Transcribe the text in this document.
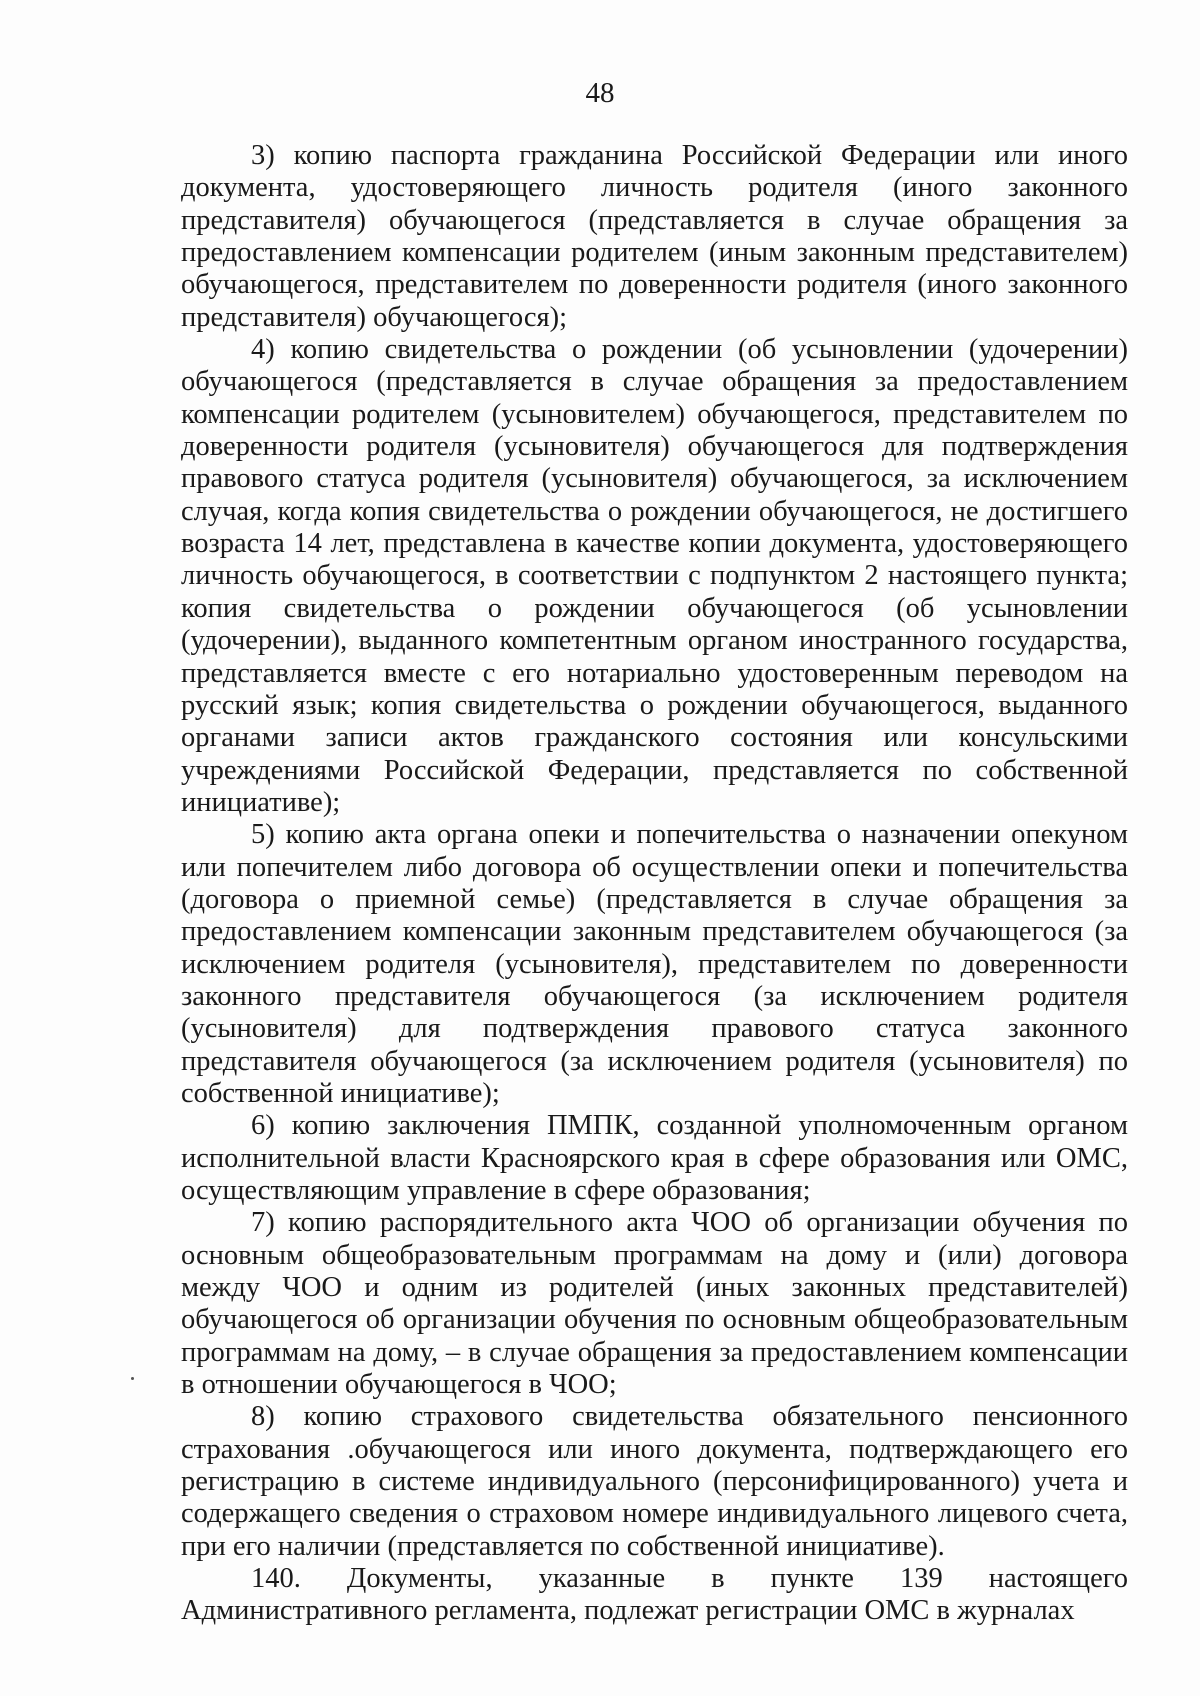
48

3) копию паспорта гражданина Российской Федерации или иного документа, удостоверяющего личность родителя (иного законного представителя) обучающегося (представляется в случае обращения за предоставлением компенсации родителем (иным законным представителем) обучающегося, представителем по доверенности родителя (иного законного представителя) обучающегося);

4) копию свидетельства о рождении (об усыновлении (удочерении) обучающегося (представляется в случае обращения за предоставлением компенсации родителем (усыновителем) обучающегося, представителем по доверенности родителя (усыновителя) обучающегося для подтверждения правового статуса родителя (усыновителя) обучающегося, за исключением случая, когда копия свидетельства о рождении обучающегося, не достигшего возраста 14 лет, представлена в качестве копии документа, удостоверяющего личность обучающегося, в соответствии с подпунктом 2 настоящего пункта; копия свидетельства о рождении обучающегося (об усыновлении (удочерении), выданного компетентным органом иностранного государства, представляется вместе с его нотариально удостоверенным переводом на русский язык; копия свидетельства о рождении обучающегося, выданного органами записи актов гражданского состояния или консульскими учреждениями Российской Федерации, представляется по собственной инициативе);

5) копию акта органа опеки и попечительства о назначении опекуном или попечителем либо договора об осуществлении опеки и попечительства (договора о приемной семье) (представляется в случае обращения за предоставлением компенсации законным представителем обучающегося (за исключением родителя (усыновителя), представителем по доверенности законного представителя обучающегося (за исключением родителя (усыновителя) для подтверждения правового статуса законного представителя обучающегося (за исключением родителя (усыновителя) по собственной инициативе);

6) копию заключения ПМПК, созданной уполномоченным органом исполнительной власти Красноярского края в сфере образования или ОМС, осуществляющим управление в сфере образования;

7) копию распорядительного акта ЧОО об организации обучения по основным общеобразовательным программам на дому и (или) договора между ЧОО и одним из родителей (иных законных представителей) обучающегося об организации обучения по основным общеобразовательным программам на дому, – в случае обращения за предоставлением компенсации в отношении обучающегося в ЧОО;

8) копию страхового свидетельства обязательного пенсионного страхования .обучающегося или иного документа, подтверждающего его регистрацию в системе индивидуального (персонифицированного) учета и содержащего сведения о страховом номере индивидуального лицевого счета, при его наличии (представляется по собственной инициативе).

140. Документы, указанные в пункте 139 настоящего Административного регламента, подлежат регистрации ОМС в журналах
